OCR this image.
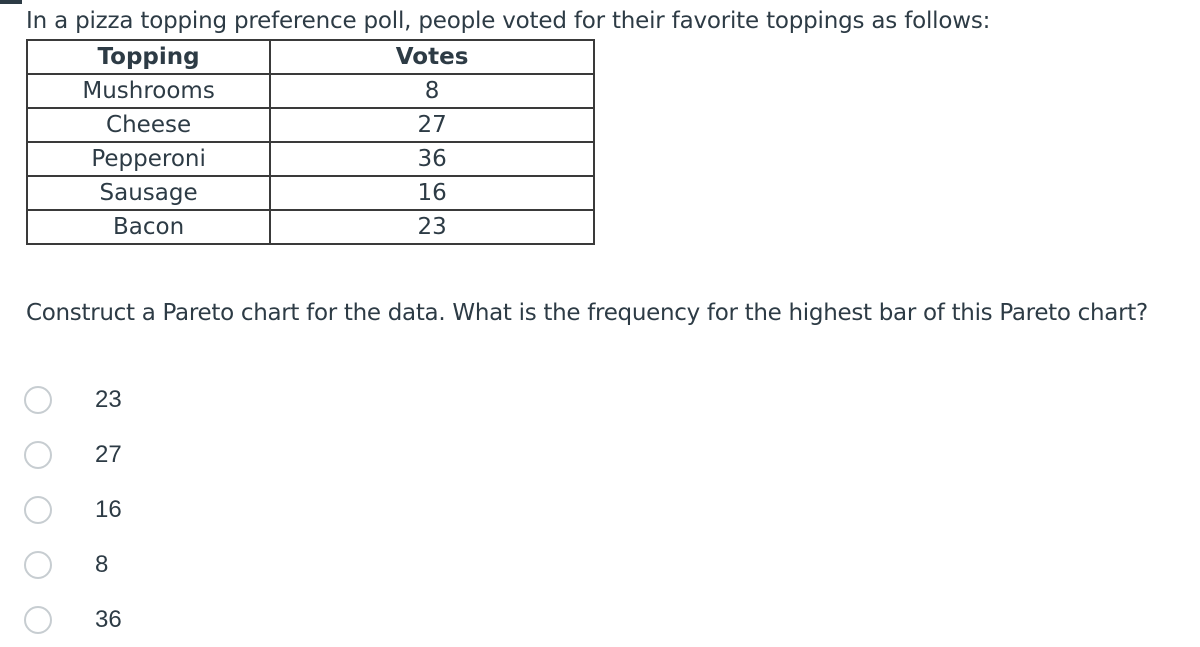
In a pizza topping preference poll, people voted for their favorite toppings as follows:
Topping	Votes
Mushrooms	8
Cheese	27
Pepperoni	36
Sausage	16
Bacon	23
Construct a Pareto chart for the data. What is the frequency for the highest bar of this Pareto chart?
23
27
16
8
36
